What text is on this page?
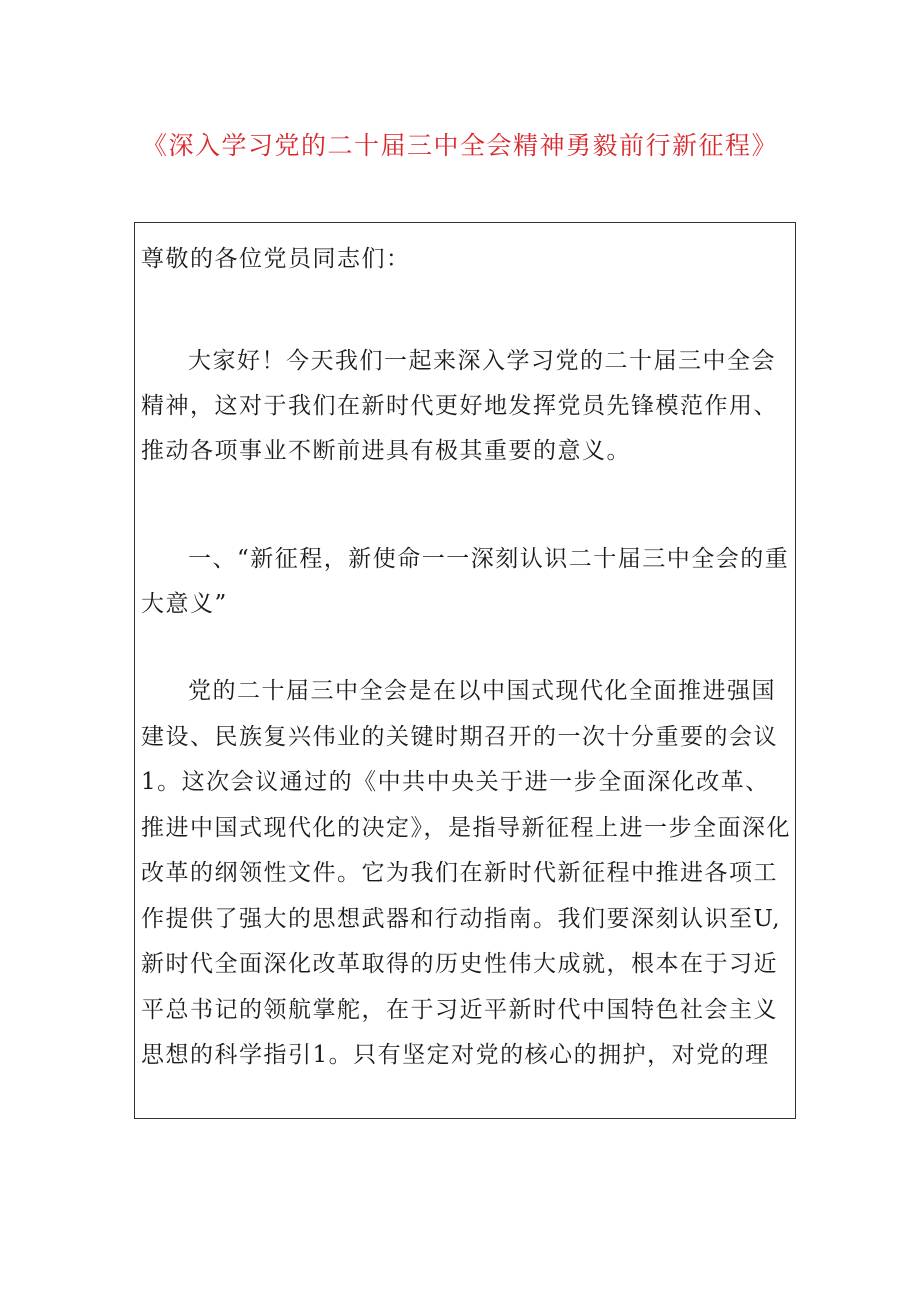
《深入学习党的二十届三中全会精神勇毅前行新征程》

尊敬的各位党员同志们：

大家好！今天我们一起来深入学习党的二十届三中全会精神，这对于我们在新时代更好地发挥党员先锋模范作用、推动各项事业不断前进具有极其重要的意义。

一、“新征程，新使命一一深刻认识二十届三中全会的重大意义”

党的二十届三中全会是在以中国式现代化全面推进强国建设、民族复兴伟业的关键时期召开的一次十分重要的会议1。这次会议通过的《中共中央关于进一步全面深化改革、推进中国式现代化的决定》，是指导新征程上进一步全面深化改革的纲领性文件。它为我们在新时代新征程中推进各项工作提供了强大的思想武器和行动指南。我们要深刻认识至U,新时代全面深化改革取得的历史性伟大成就，根本在于习近平总书记的领航掌舵，在于习近平新时代中国特色社会主义思想的科学指引1。只有坚定对党的核心的拥护，对党的理
